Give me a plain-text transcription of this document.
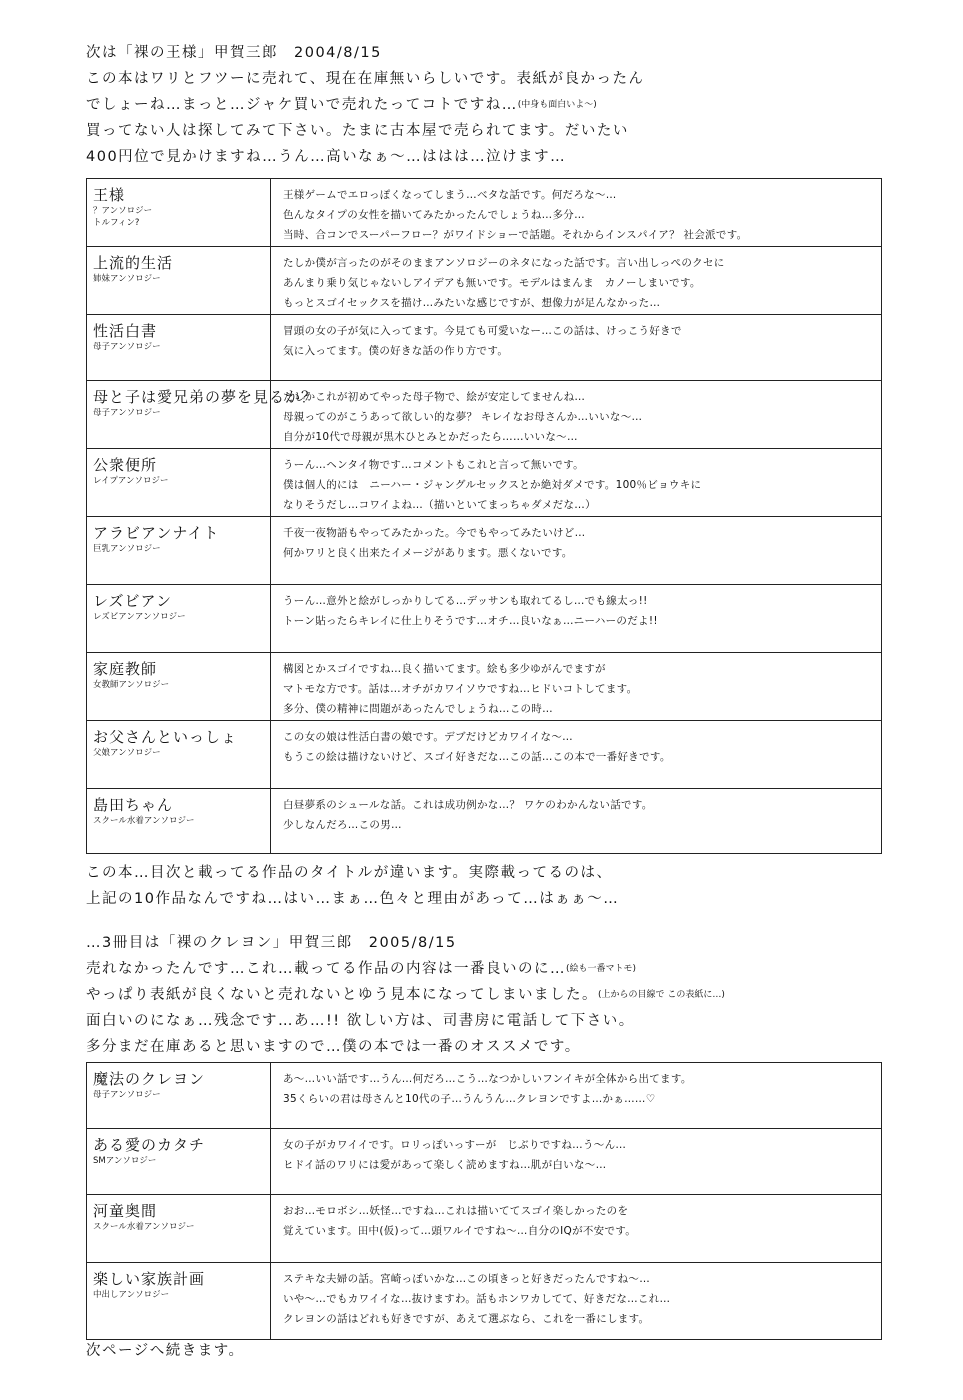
次は「裸の王様」甲賀三郎　2004/8/15
この本はワリとフツーに売れて、現在在庫無いらしいです。表紙が良かったん
でしょーね…まっと…ジャケ買いで売れたってコトですね…$^{(中身も面白いよ〜)}$
買ってない人は探してみて下さい。たまに古本屋で売られてます。だいたい
400円位で見かけますね…うん…高いなぁ〜…ははは…泣けます…
王様
？アンソロジー
トルフィン?
王様ゲームでエロっぽくなってしまう…ベタな話です。何だろな〜…
色んなタイプの女性を描いてみたかったんでしょうね…多分…
当時、合コンでスーパーフロー？がワイドショーで話題。それからインスパイア？ 社会派です。
上流的生活
姉妹アンソロジー
たしか僕が言ったのがそのままアンソロジーのネタになった話です。言い出しっぺのクセに
あんまり乗り気じゃないしアイデアも無いです。モデルはまんま　カノーしまいです。
もっとスゴイセックスを描け…みたいな感じですが、想像力が足んなかった…
性活白書
母子アンソロジー
冒頭の女の子が気に入ってます。今見ても可愛いなー…この話は、けっこう好きで
気に入ってます。僕の好きな話の作り方です。
母と子は愛兄弟の夢を見るか？
母子アンソロジー
たしかこれが初めてやった母子物で、絵が安定してませんね…
母親ってのがこうあって欲しい的な夢？ キレイなお母さんか…いいな〜…
自分が10代で母親が黒木ひとみとかだったら……いいな〜…
公衆便所
レイプアンソロジー
うーん…ヘンタイ物です…コメントもこれと言って無いです。
僕は個人的には　ニーハー・ジャングルセックスとか絶対ダメです。100％ビョウキに
なりそうだし…コワイよね…（描いといてまっちゃダメだな…）
アラビアンナイト
巨乳アンソロジー
千夜一夜物語もやってみたかった。今でもやってみたいけど…
何かワリと良く出来たイメージがあります。悪くないです。
レズビアン
レズビアンアンソロジー
うーん…意外と絵がしっかりしてる…デッサンも取れてるし…でも線太っ!!
トーン貼ったらキレイに仕上りそうです…オチ…良いなぁ…ニーハーのだよ!!
家庭教師
女教師アンソロジー
構図とかスゴイですね…良く描いてます。絵も多少ゆがんでますが
マトモな方です。話は…オチがカワイソウですね…ヒドいコトしてます。
多分、僕の精神に問題があったんでしょうね…この時…
お父さんといっしょ
父娘アンソロジー
この女の娘は性活白書の娘です。デブだけどカワイイな〜…
もうこの絵は描けないけど、スゴイ好きだな…この話…この本で一番好きです。
島田ちゃん
スクール水着アンソロジー
白昼夢系のシュールな話。これは成功例かな…？ ワケのわかんない話です。
少しなんだろ…この男…
この本…目次と載ってる作品のタイトルが違います。実際載ってるのは、
上記の10作品なんですね…はい…まぁ…色々と理由があって…はぁぁ〜…
…3冊目は「裸のクレヨン」甲賀三郎　2005/8/15
売れなかったんです…これ…載ってる作品の内容は一番良いのに…$^{(絵も一番マトモ)}$
やっぱり表紙が良くないと売れないとゆう見本になってしまいました。$^{(上からの目線で この表紙に\dots)}$
面白いのになぁ…残念です…あ…!! 欲しい方は、司書房に電話して下さい。
多分まだ在庫あると思いますので…僕の本では一番のオススメです。
魔法のクレヨン
母子アンソロジー
あ〜…いい話です…うん…何だろ…こう…なつかしいフンイキが全体から出てます。
35くらいの君は母さんと10代の子…うんうん…クレヨンですよ…かぁ……♡
ある愛のカタチ
SMアンソロジー
女の子がカワイイです。ロリっぽいっすーが　じぶりですね…う〜ん…
ヒドイ話のワリには愛があって楽しく読めますね…肌が白いな〜…
河童奥間
スクール水着アンソロジー
おお…モロボシ…妖怪…ですね…これは描いててスゴイ楽しかったのを
覚えています。田中(仮)って…頭ワルイですね〜…自分のIQが不安です。
楽しい家族計画
中出しアンソロジー
ステキな夫婦の話。宮崎っぽいかな…この頃きっと好きだったんですね〜…
いや〜…でもカワイイな…抜けますわ。話もホンワカしてて、好きだな…これ…
クレヨンの話はどれも好きですが、あえて選ぶなら、これを一番にします。
次ページへ続きます。
